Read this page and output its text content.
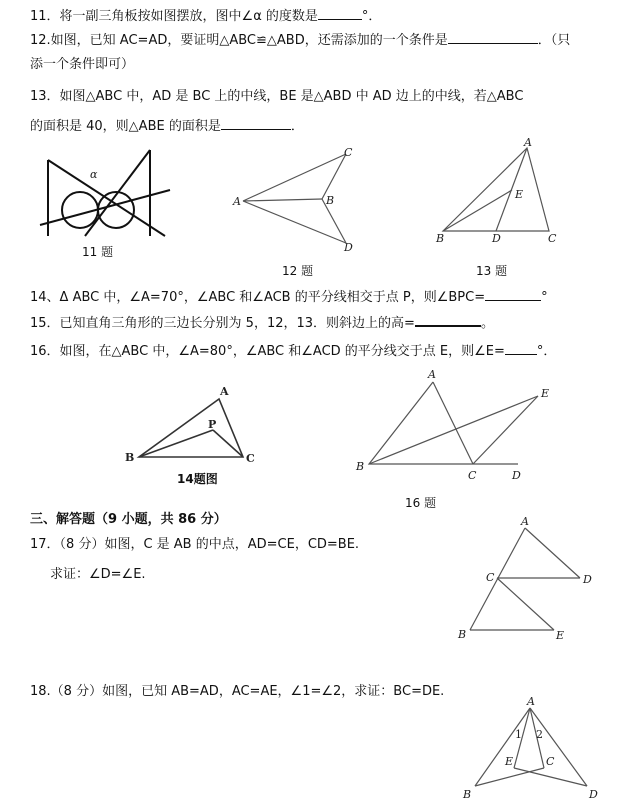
11．将一副三角板按如图摆放，图中∠α 的度数是	°．
12.如图，已知 AC=AD，要证明△ABC≌△ABD，还需添加的一个条件是	．（只
添一个条件即可）
13．如图△ABC 中，AD 是 BC 上的中线，BE 是△ABD 中 AD 边上的中线，若△ABC
的面积是 40，则△ABE 的面积是	．
α
11 题
A	B
C
D
12 题
A
B	C
D
E
13 题
14、Δ ABC 中，∠A=70°，∠ABC 和∠ACB 的平分线相交于点 P，则∠BPC=	°
15．已知直角三角形的三边长分别为 5，12，13．则斜边上的高=	。
16．如图，在△ABC 中，∠A=80°，∠ABC 和∠ACD 的平分线交于点 E，则∠E= °．
A
B	C
P
14题图
A
B
C	D
E
16 题
三、解答题（9 小题，共 86 分）
17．（8 分）如图，C 是 AB 的中点，AD=CE，CD=BE.
求证：∠D=∠E.
A
B
C	D
E
18.（8 分）如图，已知 AB=AD，AC=AE，∠1=∠2，求证：BC=DE.
A
B
C
D
E
1 2
